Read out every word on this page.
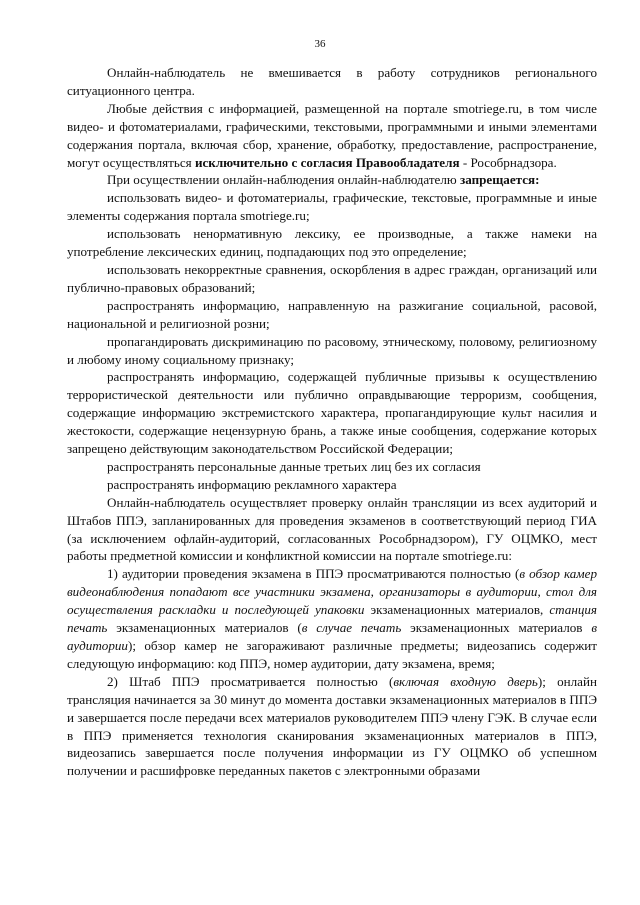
36

Онлайн-наблюдатель не вмешивается в работу сотрудников регионального ситуационного центра.

Любые действия с информацией, размещенной на портале smotriege.ru, в том числе видео- и фотоматериалами, графическими, текстовыми, программными и иными элементами содержания портала, включая сбор, хранение, обработку, предоставление, распространение, могут осуществляться исключительно с согласия Правообладателя - Рособрнадзора.

При осуществлении онлайн-наблюдения онлайн-наблюдателю запрещается:

использовать видео- и фотоматериалы, графические, текстовые, программные и иные элементы содержания портала smotriege.ru;

использовать ненормативную лексику, ее производные, а также намеки на употребление лексических единиц, подпадающих под это определение;

использовать некорректные сравнения, оскорбления в адрес граждан, организаций или публично-правовых образований;

распространять информацию, направленную на разжигание социальной, расовой, национальной и религиозной розни;

пропагандировать дискриминацию по расовому, этническому, половому, религиозному и любому иному социальному признаку;

распространять информацию, содержащей публичные призывы к осуществлению террористической деятельности или публично оправдывающие терроризм, сообщения, содержащие информацию экстремистского характера, пропагандирующие культ насилия и жестокости, содержащие нецензурную брань, а также иные сообщения, содержание которых запрещено действующим законодательством Российской Федерации;

распространять персональные данные третьих лиц без их согласия

распространять информацию рекламного характера

Онлайн-наблюдатель осуществляет проверку онлайн трансляции из всех аудиторий и Штабов ППЭ, запланированных для проведения экзаменов в соответствующий период ГИА (за исключением офлайн-аудиторий, согласованных Рособрнадзором), ГУ ОЦМКО, мест работы предметной комиссии и конфликтной комиссии на портале smotriege.ru:

1) аудитории проведения экзамена в ППЭ просматриваются полностью (в обзор камер видеонаблюдения попадают все участники экзамена, организаторы в аудитории, стол для осуществления раскладки и последующей упаковки экзаменационных материалов, станция печать экзаменационных материалов (в случае печать экзаменационных материалов в аудитории); обзор камер не загораживают различные предметы; видеозапись содержит следующую информацию: код ППЭ, номер аудитории, дату экзамена, время;

2) Штаб ППЭ просматривается полностью (включая входную дверь); онлайн трансляция начинается за 30 минут до момента доставки экзаменационных материалов в ППЭ и завершается после передачи всех материалов руководителем ППЭ члену ГЭК. В случае если в ППЭ применяется технология сканирования экзаменационных материалов в ППЭ, видеозапись завершается после получения информации из ГУ ОЦМКО об успешном получении и расшифровке переданных пакетов с электронными образами
